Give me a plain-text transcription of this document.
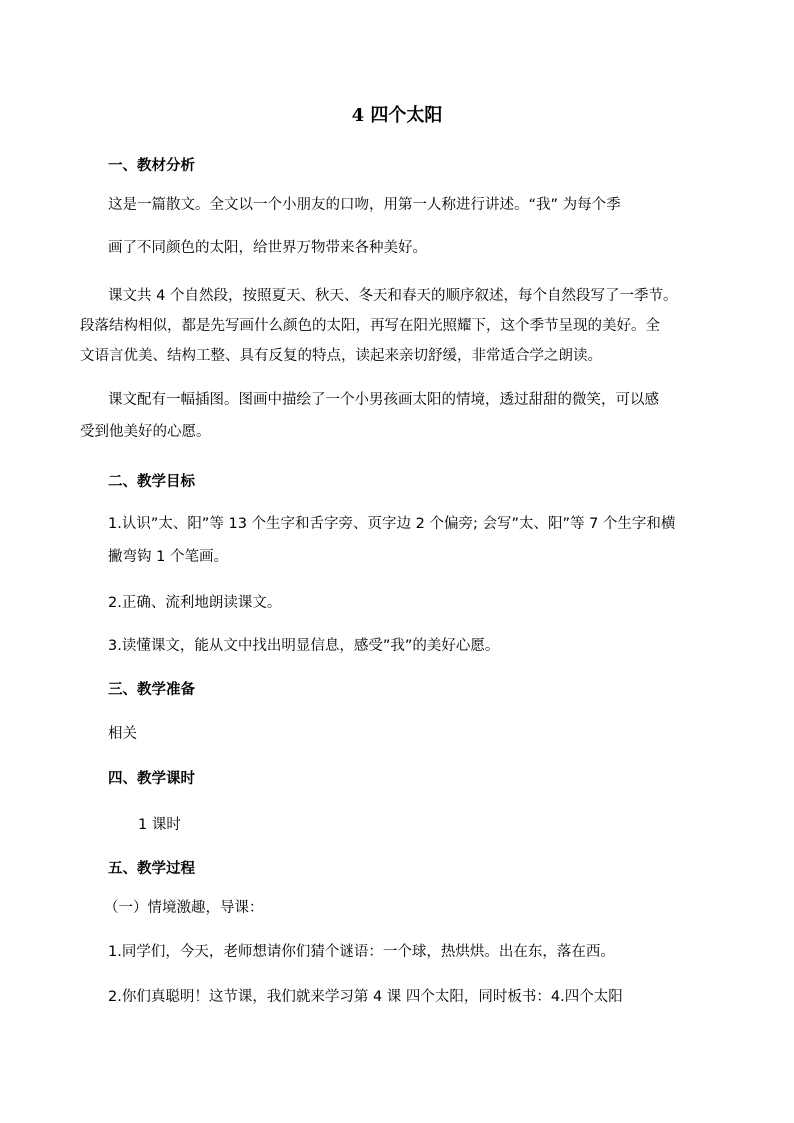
4 四个太阳
一、教材分析
这是一篇散文。全文以一个小朋友的口吻，用第一人称进行讲述。“我” 为每个季
画了不同颜色的太阳，给世界万物带来各种美好。
课文共 4 个自然段，按照夏天、秋天、冬天和春天的顺序叙述，每个自然段写了一季节。
段落结构相似，都是先写画什么颜色的太阳，再写在阳光照耀下，这个季节呈现的美好。全
文语言优美、结构工整、具有反复的特点，读起来亲切舒缓，非常适合学之朗读。
课文配有一幅插图。图画中描绘了一个小男孩画太阳的情境，透过甜甜的微笑，可以感
受到他美好的心愿。
二、教学目标
1.认识”太、阳”等 13 个生字和舌字旁、页字边 2 个偏旁; 会写”太、阳”等 7 个生字和横
撇弯钩 1 个笔画。
2.正确、流利地朗读课文。
3.读懂课文，能从文中找出明显信息，感受”我”的美好心愿。
三、教学准备
相关
四、教学课时
1 课时
五、教学过程
（一）情境激趣，导课：
1.同学们，今天，老师想请你们猜个谜语：一个球，热烘烘。出在东，落在西。
2.你们真聪明！这节课，我们就来学习第 4 课 四个太阳，同时板书：4.四个太阳
